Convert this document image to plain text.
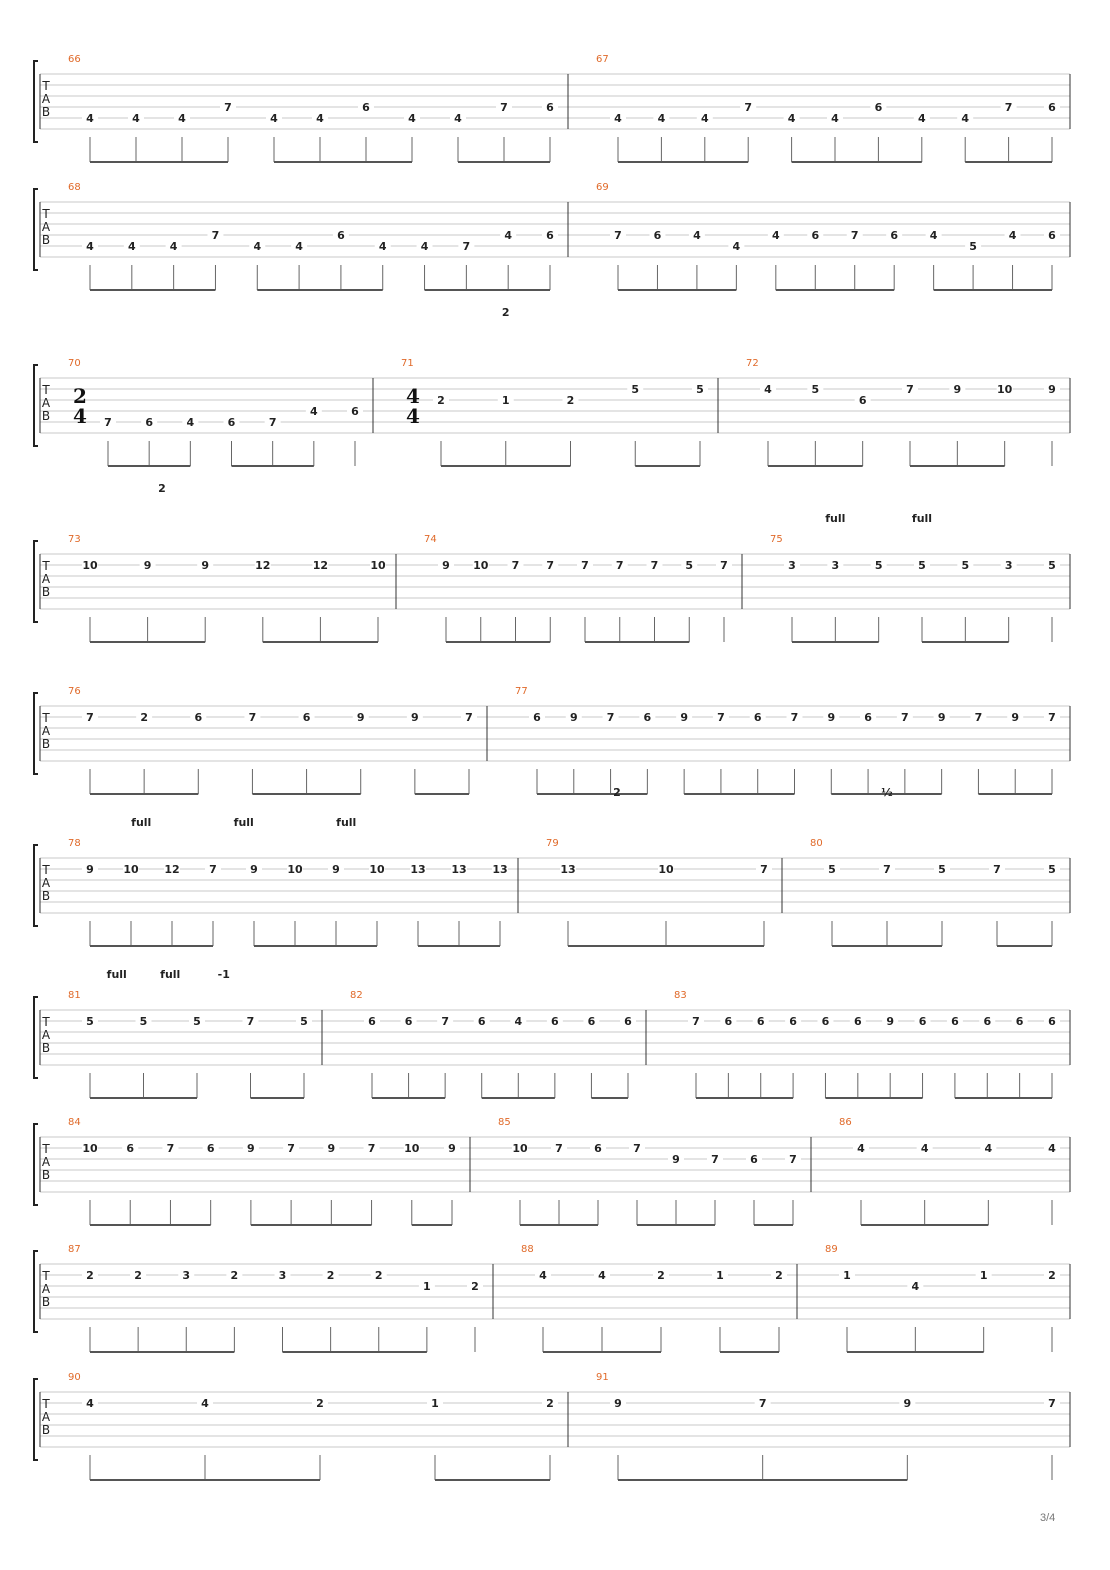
T
A
B
66
4	4	4
7
4	4
6
4	4
7	6
67
4	4	4
7
4	4
6
4	4
7	6
T
A
B
68
4	4	4
7
4	4
6
4	4	7
4	6
69
7	6	4
4
4	6	7	6	4
5
4	6
T
A
B
70
2
4 7	6	4	6	7
4	6
71
4
4
2	1	2
5	5
2
72
4	5
6
7	9	10	9
T
A
B
73
10	9	9	12	12	10
2
74
9 10 7 7 7 7 7 5 7
75
3	3	5	5	5	3	5
full	full
T
A
B
76
7	2	6	7	6	9	9	7
77
6	9	7	6	9	7	6	7	9	6	7	9	7	9	7
T
A
B
78
9	10 12	7	9	10	9	10 13 13 13
full	full	full
79
13	10	7
2
80
5	7	5	7	5
½
T
A
B
81
5	5	5	7	5
full	full	-1
82
6	6	7	6	4	6	6	6
83
7 6 6 6 6 6 9 6 6 6 6 6
T
A
B
84
10	6	7	6	9	7	9	7	10	9
85
10	7	6	7
9	7	6	7
86
4	4	4	4
T
A
B
87
2	2	3	2	3	2	2
1	2
88
4	4	2	1	2
89
1
4
1	2
T
A
B
90
4	4	2	1	2
91
9	7	9	7
3/4
